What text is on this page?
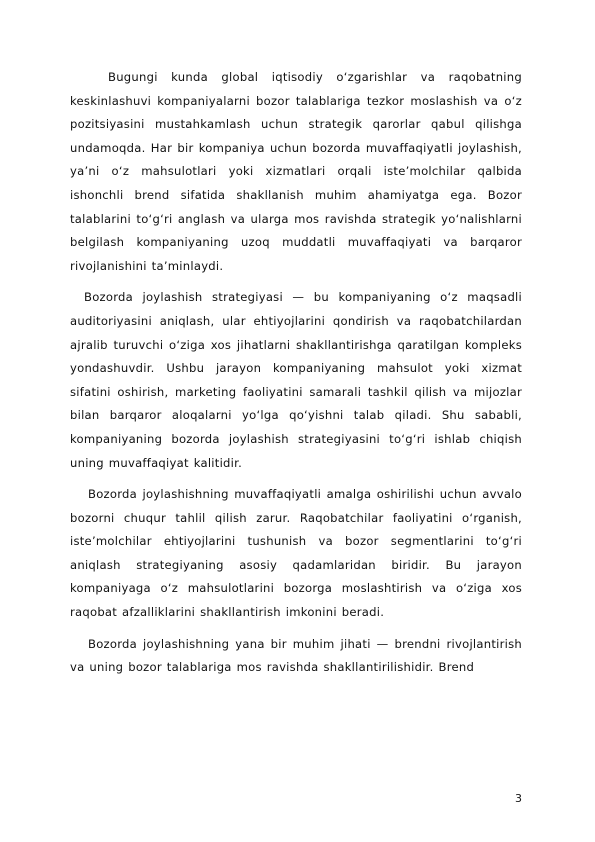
Bugungi kunda global iqtisodiy o‘zgarishlar va raqobatning keskinlashuvi kompaniyalarni bozor talablariga tezkor moslashish va o‘z pozitsiyasini mustahkamlash uchun strategik qarorlar qabul qilishga undamoqda. Har bir kompaniya uchun bozorda muvaffaqiyatli joylashish, ya’ni o‘z mahsulotlari yoki xizmatlari orqali iste’molchilar qalbida ishonchli brend sifatida shakllanish muhim ahamiyatga ega. Bozor talablarini to‘g‘ri anglash va ularga mos ravishda strategik yo‘nalishlarni belgilash kompaniyaning uzoq muddatli muvaffaqiyati va barqaror rivojlanishini ta’minlaydi.

Bozorda joylashish strategiyasi — bu kompaniyaning o‘z maqsadli auditoriyasini aniqlash, ular ehtiyojlarini qondirish va raqobatchilardan ajralib turuvchi o‘ziga xos jihatlarni shakllantirishga qaratilgan kompleks yondashuvdir. Ushbu jarayon kompaniyaning mahsulot yoki xizmat sifatini oshirish, marketing faoliyatini samarali tashkil qilish va mijozlar bilan barqaror aloqalarni yo‘lga qo‘yishni talab qiladi. Shu sababli, kompaniyaning bozorda joylashish strategiyasini to‘g‘ri ishlab chiqish uning muvaffaqiyat kalitidir.

Bozorda joylashishning muvaffaqiyatli amalga oshirilishi uchun avvalo bozorni chuqur tahlil qilish zarur. Raqobatchilar faoliyatini o‘rganish, iste’molchilar ehtiyojlarini tushunish va bozor segmentlarini to‘g‘ri aniqlash strategiyaning asosiy qadamlaridan biridir. Bu jarayon kompaniyaga o‘z mahsulotlarini bozorga moslashtirish va o‘ziga xos raqobat afzalliklarini shakllantirish imkonini beradi.

Bozorda joylashishning yana bir muhim jihati — brendni rivojlantirish va uning bozor talablariga mos ravishda shakllantirilishidir. Brend

3
